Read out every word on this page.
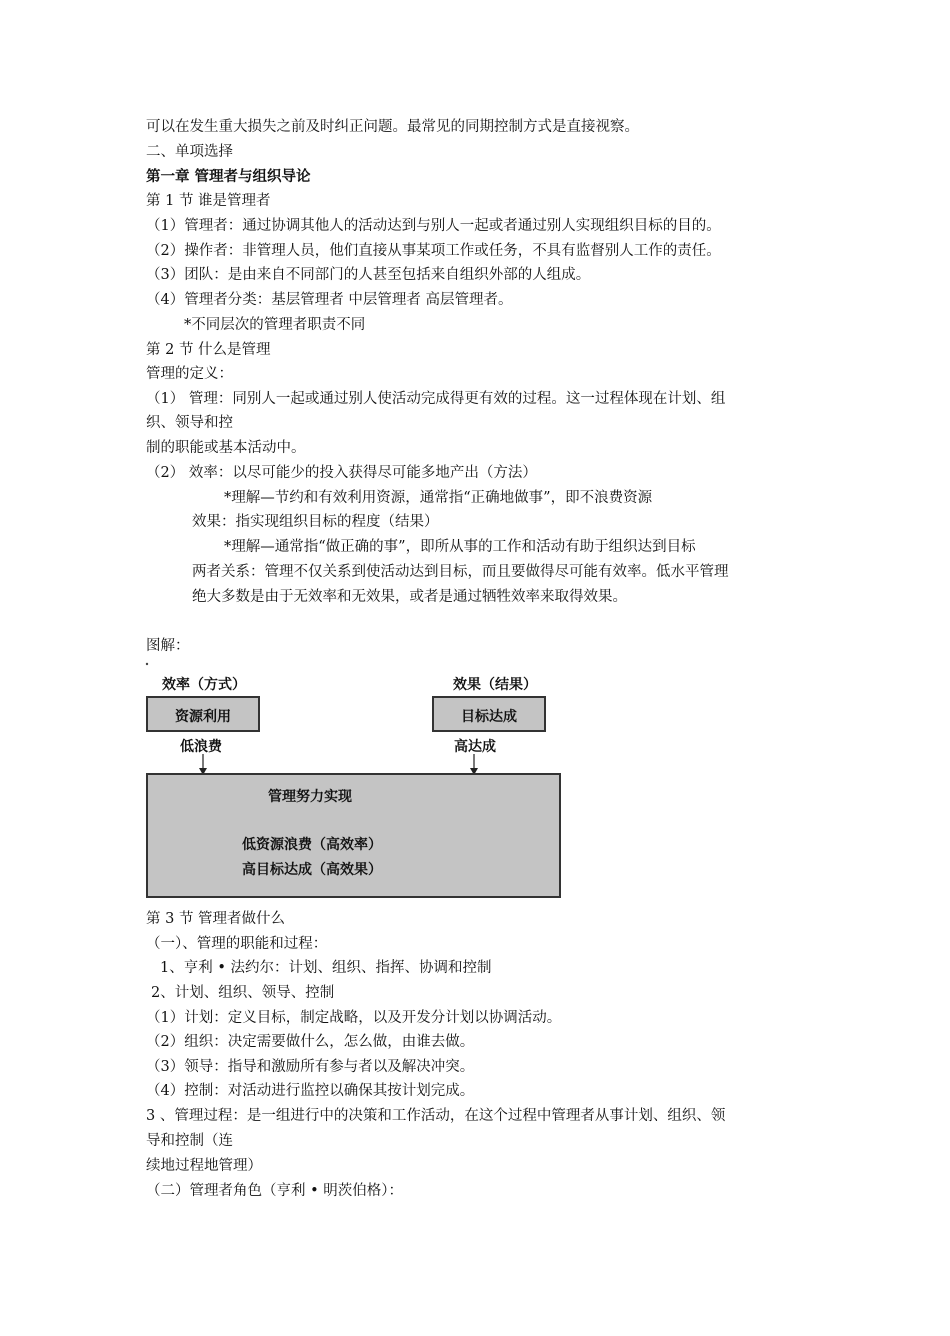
可以在发生重大损失之前及时纠正问题。最常见的同期控制方式是直接视察。
二、单项选择
第一章 管理者与组织导论
第 1 节 谁是管理者
（1）管理者：通过协调其他人的活动达到与别人一起或者通过别人实现组织目标的目的。
（2）操作者：非管理人员，他们直接从事某项工作或任务，不具有监督别人工作的责任。
（3）团队：是由来自不同部门的人甚至包括来自组织外部的人组成。
（4）管理者分类：基层管理者 中层管理者 高层管理者。
*不同层次的管理者职责不同
第 2 节 什么是管理
管理的定义：
（1） 管理：同别人一起或通过别人使活动完成得更有效的过程。这一过程体现在计划、组
织、领导和控
制的职能或基本活动中。
（2） 效率：以尽可能少的投入获得尽可能多地产出（方法）
*理解—节约和有效利用资源，通常指“正确地做事”，即不浪费资源
效果：指实现组织目标的程度（结果）
*理解—通常指“做正确的事”，即所从事的工作和活动有助于组织达到目标
两者关系：管理不仅关系到使活动达到目标，而且要做得尽可能有效率。低水平管理
绝大多数是由于无效率和无效果，或者是通过牺牲效率来取得效果。
图解：
效率（方式）
资源利用
低浪费
效果（结果）
目标达成
高达成
管理努力实现
低资源浪费（高效率）
高目标达成（高效果）
第 3 节 管理者做什么
（一）、管理的职能和过程：
1、亨利 • 法约尔：计划、组织、指挥、协调和控制
2、计划、组织、领导、控制
（1）计划：定义目标，制定战略，以及开发分计划以协调活动。
（2）组织：决定需要做什么，怎么做，由谁去做。
（3）领导：指导和激励所有参与者以及解决冲突。
（4）控制：对活动进行监控以确保其按计划完成。
3 、管理过程：是一组进行中的决策和工作活动，在这个过程中管理者从事计划、组织、领
导和控制（连
续地过程地管理）
（二）管理者角色（亨利 • 明茨伯格）：
